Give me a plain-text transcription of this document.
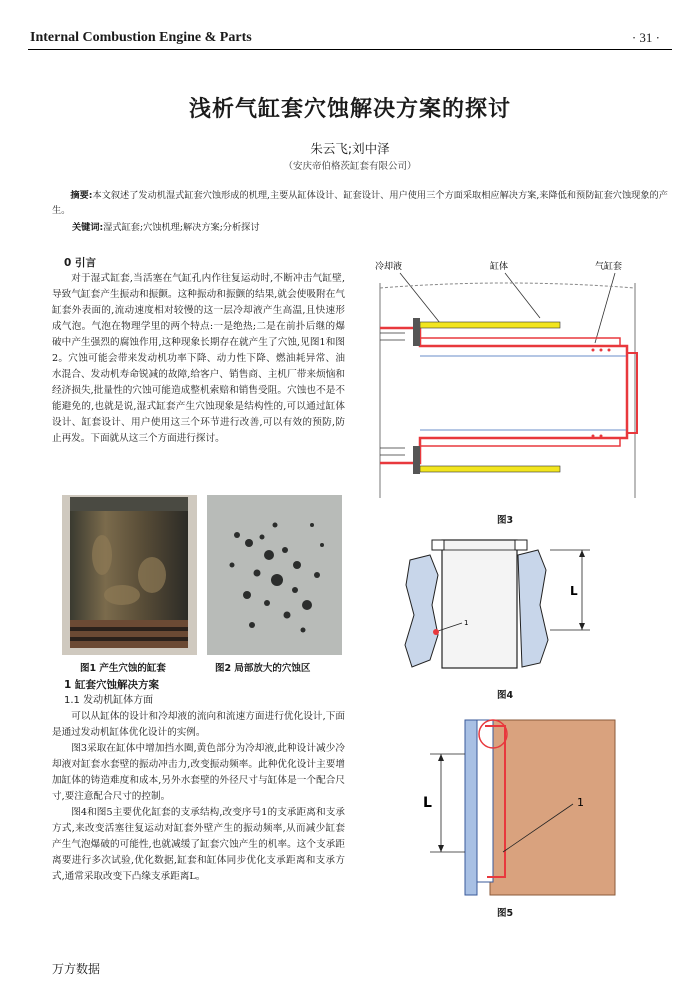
Internal Combustion Engine & Parts	· 31 ·
浅析气缸套穴蚀解决方案的探讨
朱云飞;刘中泽
（安庆帝伯格茨缸套有限公司）
摘要:本文叙述了发动机湿式缸套穴蚀形成的机理,主要从缸体设计、缸套设计、用户使用三个方面采取相应解决方案,来降低和预防缸套穴蚀现象的产生。
关键词:湿式缸套;穴蚀机理;解决方案;分析探讨
0 引言

对于湿式缸套,当活塞在气缸孔内作往复运动时,不断冲击气缸壁,导致气缸套产生振动和振颤。这种振动和振颤的结果,就会使吸附在气缸套外表面的,流动速度相对较慢的这一层冷却液产生高温,且快速形成气泡。气泡在物理学里的两个特点:一是绝热;二是在前扑后继的爆破中产生强烈的腐蚀作用,这种现象长期存在就产生了穴蚀,见图1和图2。穴蚀可能会带来发动机功率下降、动力性下降、燃油耗异常、油水混合、发动机寿命锐减的故障,给客户、销售商、主机厂带来烦恼和经济损失,批量性的穴蚀可能造成整机索赔和销售受阻。穴蚀也不是不能避免的,也就是说,湿式缸套产生穴蚀现象是结构性的,可以通过缸体设计、缸套设计、用户使用这三个环节进行改善,可以有效的预防,防止再发。下面就从这三个方面进行探讨。

图1 产生穴蚀的缸套	图2 局部放大的穴蚀区
1 缸套穴蚀解决方案
1.1 发动机缸体方面

可以从缸体的设计和冷却液的流向和流速方面进行优化设计,下面是通过发动机缸体优化设计的实例。

图3采取在缸体中增加挡水圈,黄色部分为冷却液,此种设计减少冷却液对缸套水套壁的振动冲击力,改变振动频率。此种优化设计主要增加缸体的铸造难度和成本,另外水套壁的外径尺寸与缸体是一个配合尺寸,要注意配合尺寸的控制。

图4和图5主要优化缸套的支承结构,改变序号1的支承距离和支承方式,来改变活塞往复运动对缸套外壁产生的振动频率,从而减少缸套产生气泡爆破的可能性,也就减缓了缸套穴蚀产生的机率。这个支承距离要进行多次试验,优化数据,缸套和缸体同步优化支承距离和支承方式,通常采取改变下凸缘支承距离L。

冷却液	缸体	气缸套
图3
L
1
图4
L	1
图5
万方数据
